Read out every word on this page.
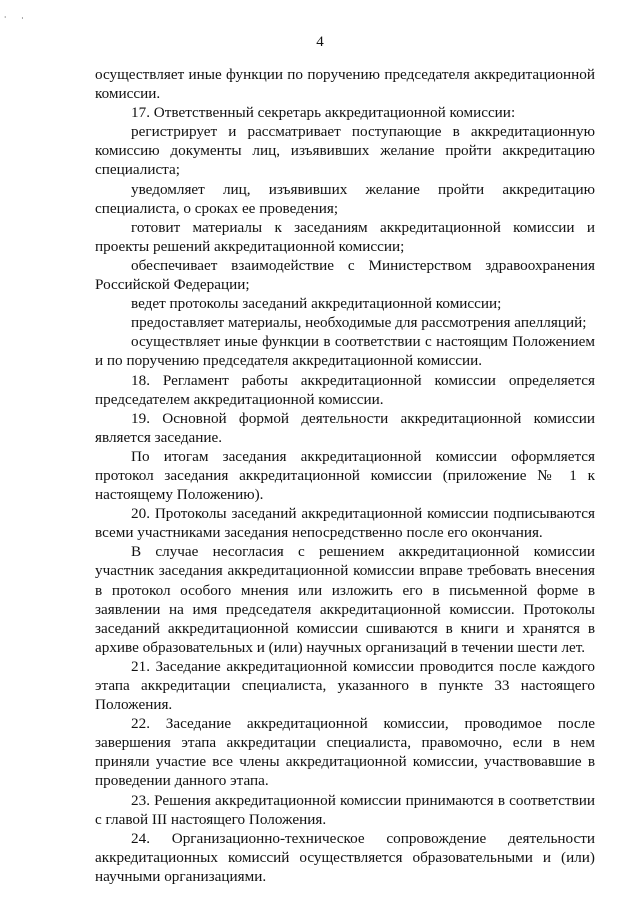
⸱ ⸳
4

осуществляет иные функции по поручению председателя аккредитационной комиссии.

17. Ответственный секретарь аккредитационной комиссии:

регистрирует и рассматривает поступающие в аккредитационную комиссию документы лиц, изъявивших желание пройти аккредитацию специалиста;

уведомляет лиц, изъявивших желание пройти аккредитацию специалиста, о сроках ее проведения;

готовит материалы к заседаниям аккредитационной комиссии и проекты решений аккредитационной комиссии;

обеспечивает взаимодействие с Министерством здравоохранения Российской Федерации;

ведет протоколы заседаний аккредитационной комиссии;

предоставляет материалы, необходимые для рассмотрения апелляций;

осуществляет иные функции в соответствии с настоящим Положением и по поручению председателя аккредитационной комиссии.

18. Регламент работы аккредитационной комиссии определяется председателем аккредитационной комиссии.

19. Основной формой деятельности аккредитационной комиссии является заседание.

По итогам заседания аккредитационной комиссии оформляется протокол заседания аккредитационной комиссии (приложение № 1 к настоящему Положению).

20. Протоколы заседаний аккредитационной комиссии подписываются всеми участниками заседания непосредственно после его окончания.

В случае несогласия с решением аккредитационной комиссии участник заседания аккредитационной комиссии вправе требовать внесения в протокол особого мнения или изложить его в письменной форме в заявлении на имя председателя аккредитационной комиссии. Протоколы заседаний аккредитационной комиссии сшиваются в книги и хранятся в архиве образовательных и (или) научных организаций в течении шести лет.

21. Заседание аккредитационной комиссии проводится после каждого этапа аккредитации специалиста, указанного в пункте 33 настоящего Положения.

22. Заседание аккредитационной комиссии, проводимое после завершения этапа аккредитации специалиста, правомочно, если в нем приняли участие все члены аккредитационной комиссии, участвовавшие в проведении данного этапа.

23. Решения аккредитационной комиссии принимаются в соответствии с главой III настоящего Положения.

24. Организационно-техническое сопровождение деятельности аккредитационных комиссий осуществляется образовательными и (или) научными организациями.
